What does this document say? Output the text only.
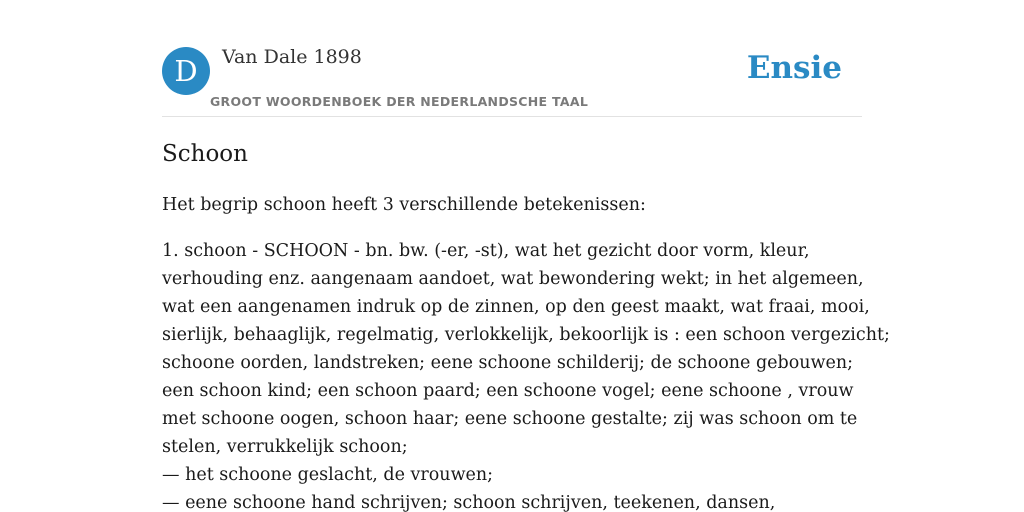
D	Van Dale 1898
GROOT WOORDENBOEK DER NEDERLANDSCHE TAAL
Ensie
Schoon

Het begrip schoon heeft 3 verschillende betekenissen:

1. schoon - SCHOON - bn. bw. (-er, -st), wat het gezicht door vorm, kleur,
verhouding enz. aangenaam aandoet, wat bewondering wekt; in het algemeen,
wat een aangenamen indruk op de zinnen, op den geest maakt, wat fraai, mooi,
sierlijk, behaaglijk, regelmatig, verlokkelijk, bekoorlijk is : een schoon vergezicht;
schoone oorden, landstreken; eene schoone schilderij; de schoone gebouwen;
een schoon kind; een schoon paard; een schoone vogel; eene schoone , vrouw
met schoone oogen, schoon haar; eene schoone gestalte; zij was schoon om te
stelen, verrukkelijk schoon;
— het schoone geslacht, de vrouwen;
— eene schoone hand schrijven; schoon schrijven, teekenen, dansen,
